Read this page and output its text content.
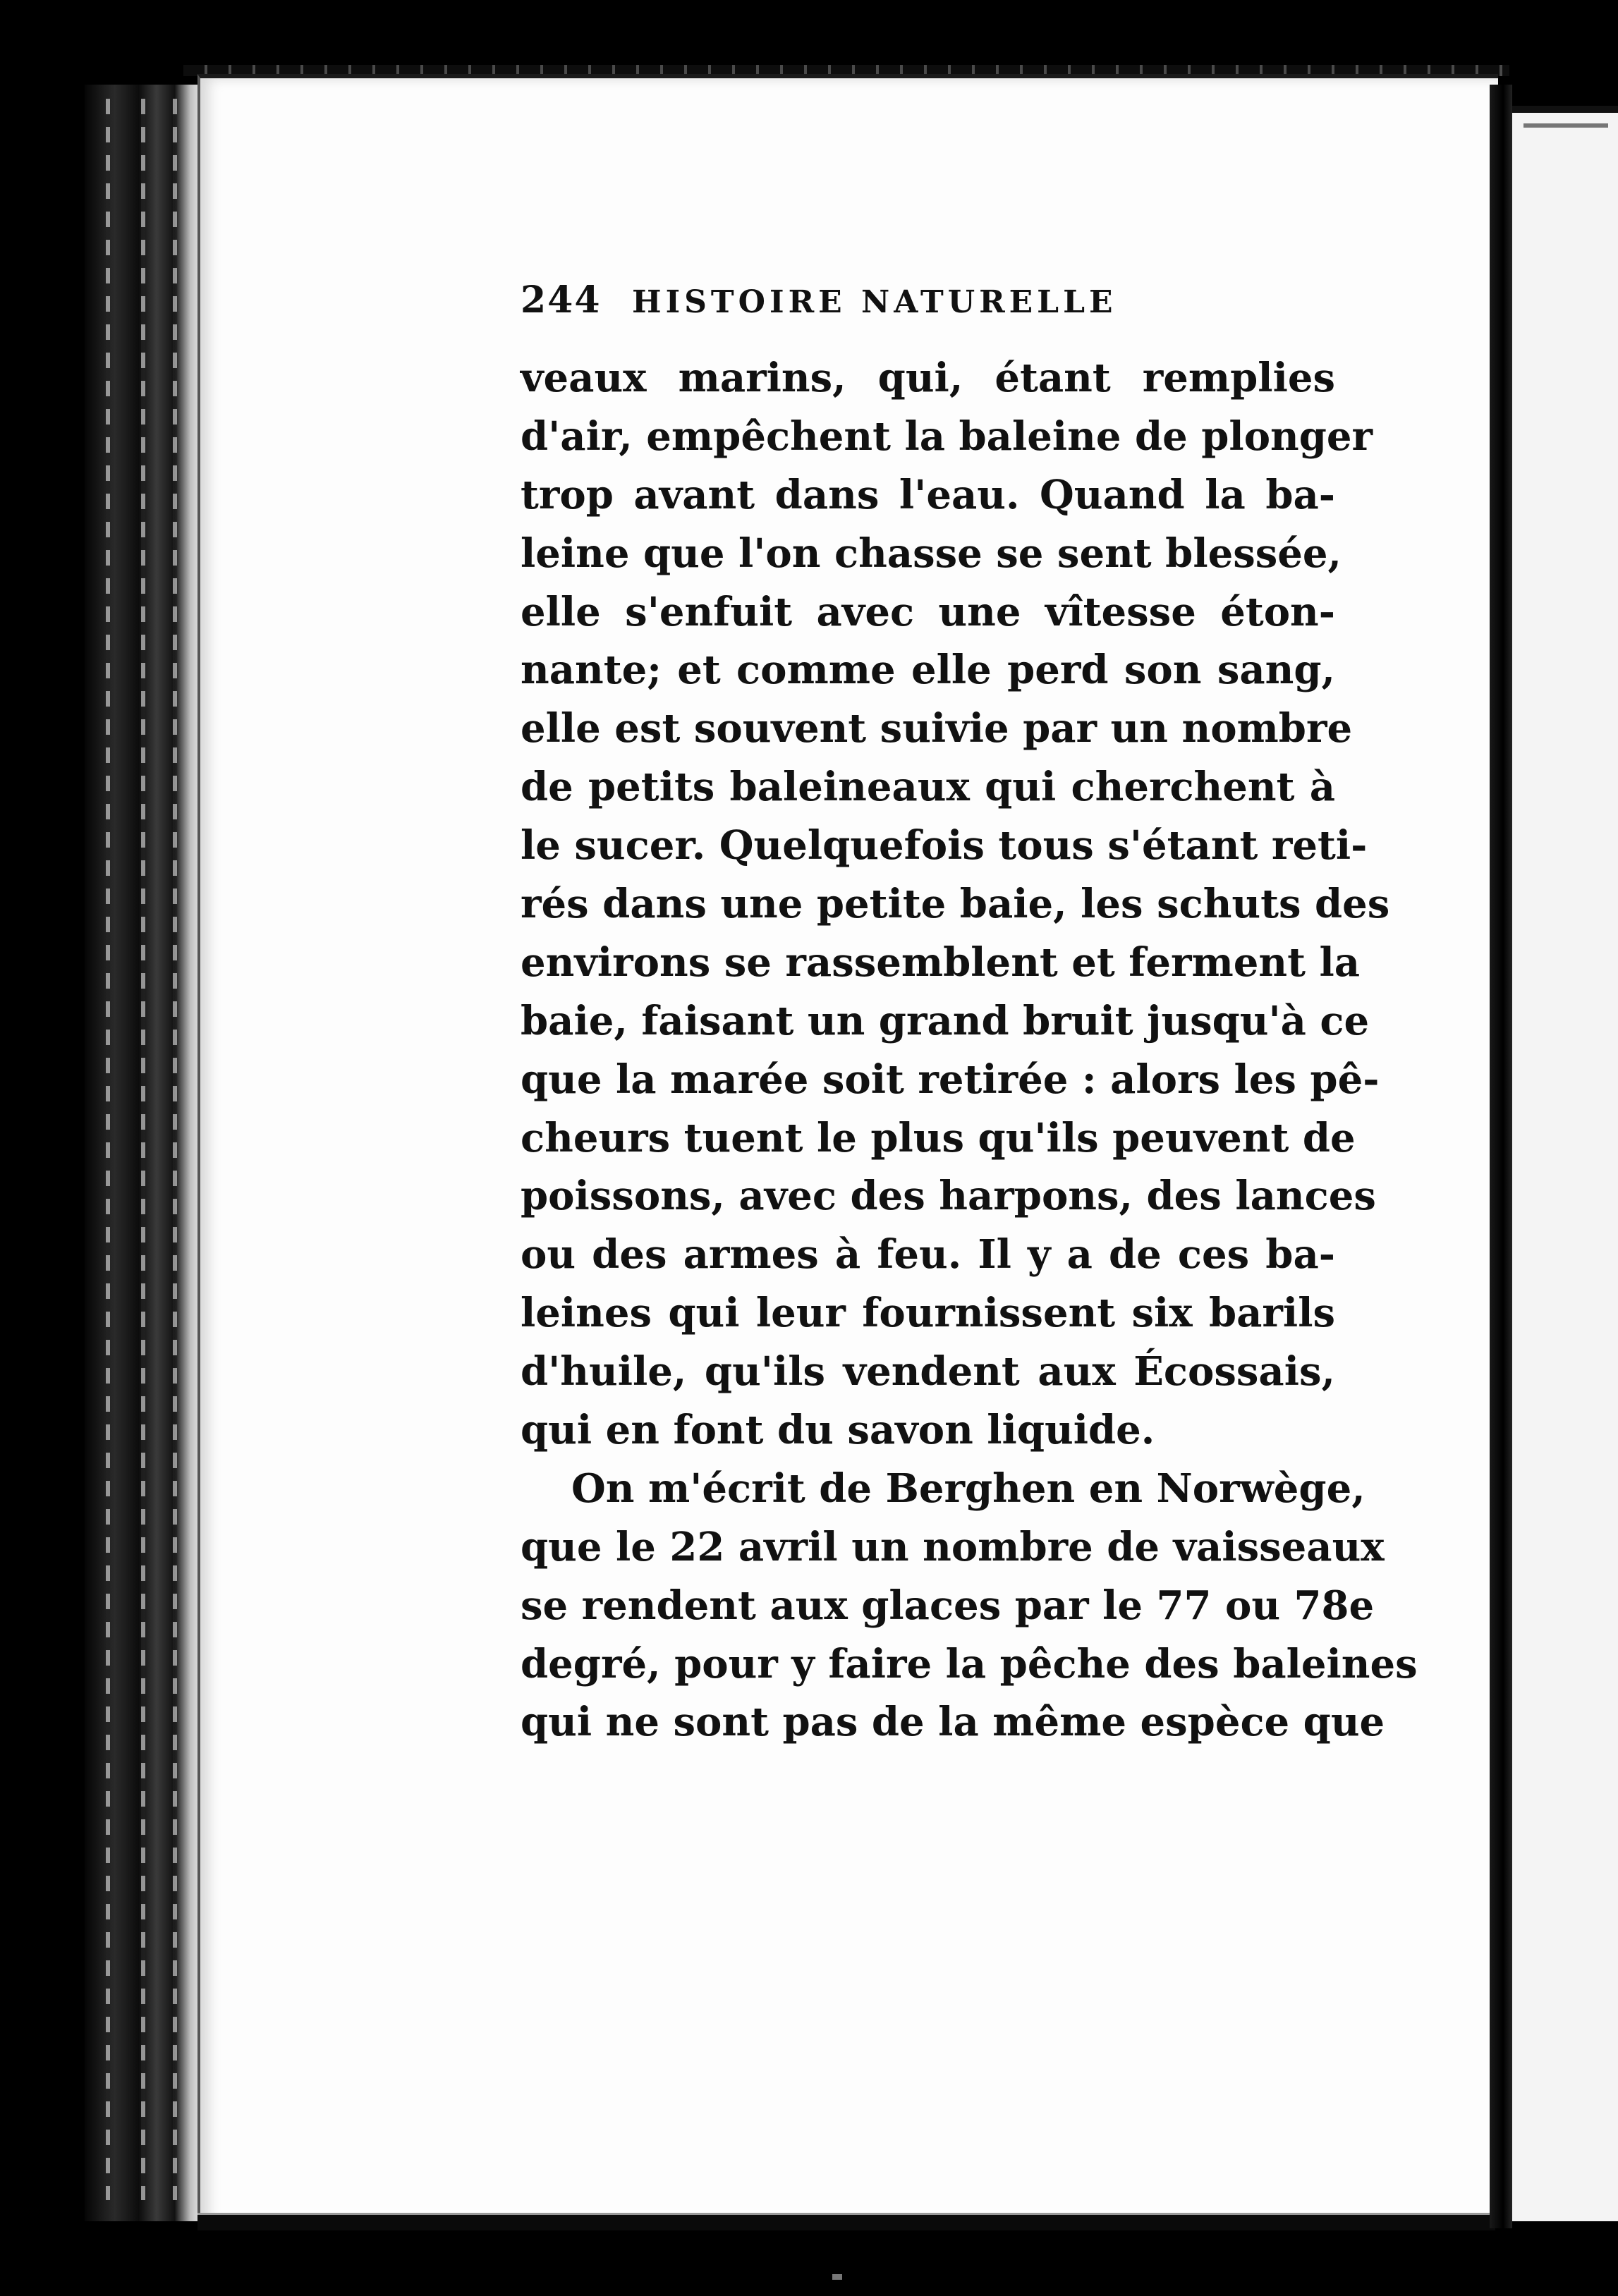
244 HISTOIRE NATURELLE
veaux marins, qui, étant remplies
d'air, empêchent la baleine de plonger
trop avant dans l'eau. Quand la ba-
leine que l'on chasse se sent blessée,
elle s'enfuit avec une vîtesse éton-
nante; et comme elle perd son sang,
elle est souvent suivie par un nombre
de petits baleineaux qui cherchent à
le sucer. Quelquefois tous s'étant reti-
rés dans une petite baie, les schuts des
environs se rassemblent et ferment la
baie, faisant un grand bruit jusqu'à ce
que la marée soit retirée : alors les pê-
cheurs tuent le plus qu'ils peuvent de
poissons, avec des harpons, des lances
ou des armes à feu. Il y a de ces ba-
leines qui leur fournissent six barils
d'huile, qu'ils vendent aux Écossais,
qui en font du savon liquide.
On m'écrit de Berghen en Norwège,
que le 22 avril un nombre de vaisseaux
se rendent aux glaces par le 77 ou 78e
degré, pour y faire la pêche des baleines
qui ne sont pas de la même espèce que
